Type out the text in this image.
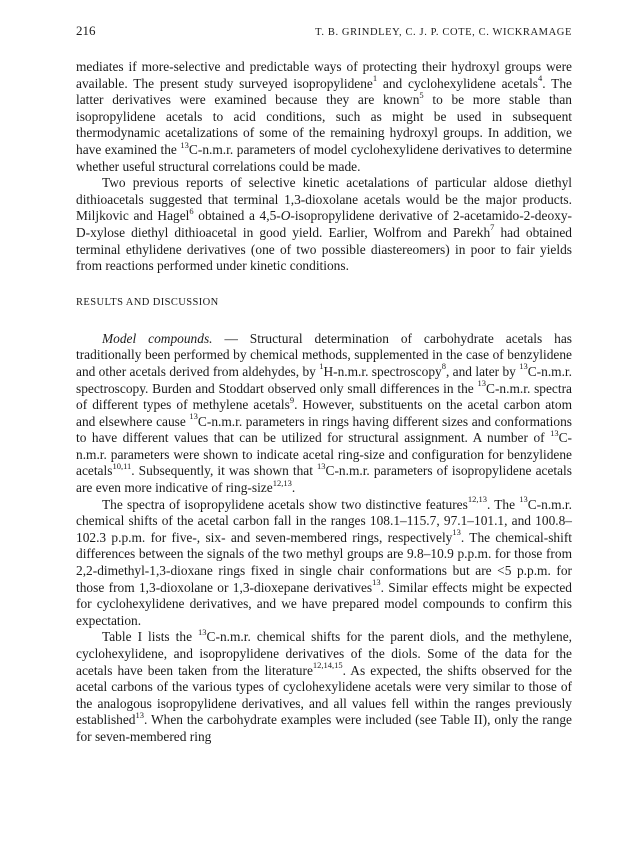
216	T. B. GRINDLEY, C. J. P. COTE, C. WICKRAMAGE

mediates if more-selective and predictable ways of protecting their hydroxyl groups were available. The present study surveyed isopropylidene$^1$ and cyclohexylidene acetals$^4$. The latter derivatives were examined because they are known$^5$ to be more stable than isopropylidene acetals to acid conditions, such as might be used in subsequent thermodynamic acetalizations of some of the remaining hydroxyl groups. In addition, we have examined the $^{13}$C-n.m.r. parameters of model cyclohexylidene derivatives to determine whether useful structural correlations could be made.

Two previous reports of selective kinetic acetalations of particular aldose diethyl dithioacetals suggested that terminal 1,3-dioxolane acetals would be the major products. Miljkovic and Hagel$^6$ obtained a 4,5-O-isopropylidene derivative of 2-acetamido-2-deoxy-D-xylose diethyl dithioacetal in good yield. Earlier, Wolfrom and Parekh$^7$ had obtained terminal ethylidene derivatives (one of two possible diastereomers) in poor to fair yields from reactions performed under kinetic conditions.

RESULTS AND DISCUSSION

Model compounds. — Structural determination of carbohydrate acetals has traditionally been performed by chemical methods, supplemented in the case of benzylidene and other acetals derived from aldehydes, by $^1$H-n.m.r. spectroscopy$^8$, and later by $^{13}$C-n.m.r. spectroscopy. Burden and Stoddart observed only small differences in the $^{13}$C-n.m.r. spectra of different types of methylene acetals$^9$. However, substituents on the acetal carbon atom and elsewhere cause $^{13}$C-n.m.r. parameters in rings having different sizes and conformations to have different values that can be utilized for structural assignment. A number of $^{13}$C-n.m.r. parameters were shown to indicate acetal ring-size and configuration for benzylidene acetals$^{10,11}$. Subsequently, it was shown that $^{13}$C-n.m.r. parameters of isopropylidene acetals are even more indicative of ring-size$^{12,13}$.

The spectra of isopropylidene acetals show two distinctive features$^{12,13}$. The $^{13}$C-n.m.r. chemical shifts of the acetal carbon fall in the ranges 108.1–115.7, 97.1–101.1, and 100.8–102.3 p.p.m. for five-, six- and seven-membered rings, respectively$^{13}$. The chemical-shift differences between the signals of the two methyl groups are 9.8–10.9 p.p.m. for those from 2,2-dimethyl-1,3-dioxane rings fixed in single chair conformations but are <5 p.p.m. for those from 1,3-dioxolane or 1,3-dioxepane derivatives$^{13}$. Similar effects might be expected for cyclohexylidene derivatives, and we have prepared model compounds to confirm this expectation.

Table I lists the $^{13}$C-n.m.r. chemical shifts for the parent diols, and the methylene, cyclohexylidene, and isopropylidene derivatives of the diols. Some of the data for the acetals have been taken from the literature$^{12,14,15}$. As expected, the shifts observed for the acetal carbons of the various types of cyclohexylidene acetals were very similar to those of the analogous isopropylidene derivatives, and all values fell within the ranges previously established$^{13}$. When the carbohydrate examples were included (see Table II), only the range for seven-membered ring
